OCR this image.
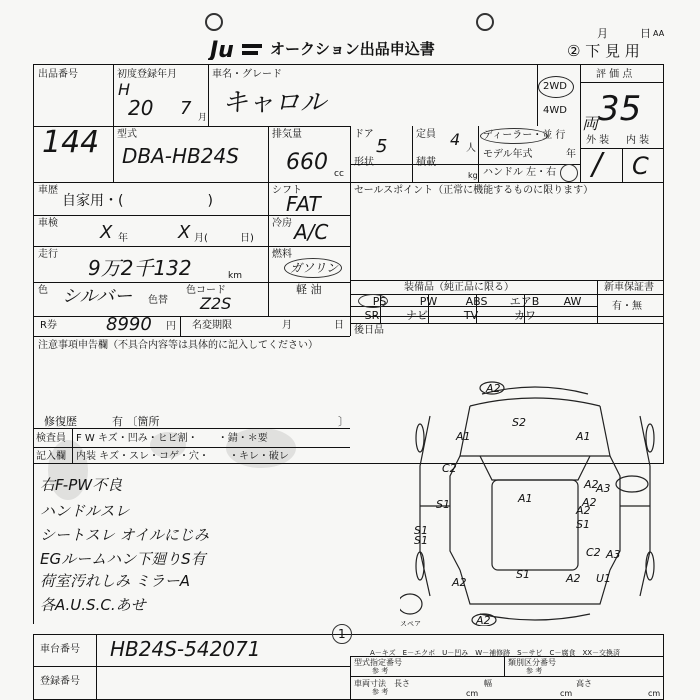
Ju オークション出品申込書
月	日 AA
② 下 見 用
出品番号
144
初度登録年月
H
20 7 月
車名・グレード
キャロル
2WD
4WD
評 価 点
両 35
型式
DBA-HB24S
排気量
660 cc
ドア
5
形状
定員 4 人
積載
kg
ディーラー・並 行
モデル年式	年
ハンドル 左・右
外 装 内 装
/ C
車歴
自家用・(　　　　　　)
シフト
FAT
セールスポイント（正常に機能するものに限ります）
車検 X 年	X 月(	日)
冷房 A/C
走行
9万2千132	km
燃料
ガソリン
軽 油
色 シルバー 色替
色コード
Z2S
R券	8990 円 名変期限	月	日
装備品（純正品に限る）	新車保証書
有・無
PS	PW	ABS	エアB	AW
SR	ナビ	TV	カワ
後日品
注意事項申告欄（不具合内容等は具体的に記入してください）
修復歴	有 〔箇所	〕
検査員 F W キズ・凹み・ヒビ割・　　・錆・＊要
記入欄 内装 キズ・スレ・コゲ・穴・　　・キレ・破レ
右F-PW不良
ハンドルスレ
シートスレ オイルにじみ
EGルームハン下廻りS有
荷室汚れしみ ミラーA
各A.U.S.C.あせ
スペア
A2
S2
A1	A1
C2
A1
S1
A2
S1
A2
S1
A2
S1
C2
A2
S1	A2 U1
A3
A2
A3
A－キズ　E－エクボ　U－凹み　W－補修跡　S－サビ　C－腐食　XX－交換済
車台番号 HB24S-542071
1
登録番号
型式指定番号
参 考
類別区分番号
参 考
車両寸法
参 考
長さ
cm
幅
cm
高さ
cm
